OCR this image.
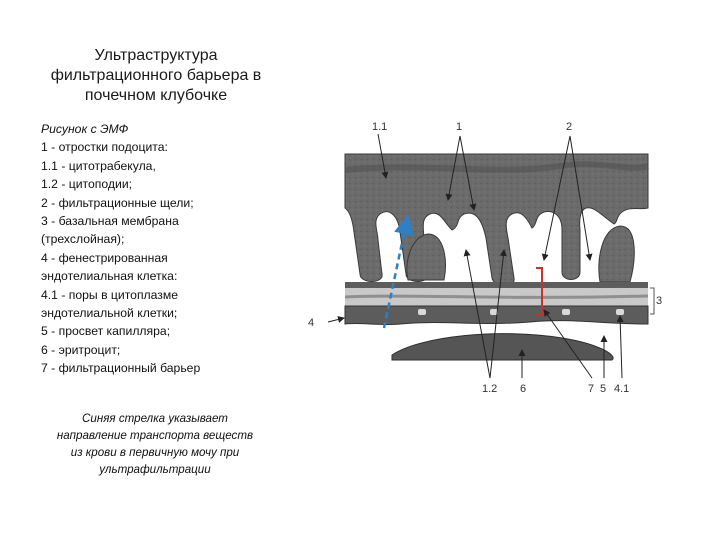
Ультраструктура
фильтрационного барьера в
почечном клубочке
Рисунок с ЭМФ
1 - отростки подоцита:
1.1 - цитотрабекула,
1.2 - цитоподии;
2 - фильтрационные щели;
3 - базальная мембрана
(трехслойная);
4 - фенестрированная
эндотелиальная клетка:
4.1 - поры в цитоплазме
эндотелиальной клетки;
5 - просвет капилляра;
6 - эритроцит;
7 - фильтрационный барьер
Синяя стрелка указывает
направление транспорта веществ
из крови в первичную мочу при
ультрафильтрации
1.1	1	2
3
4
1.2 6	7 5 4.1
